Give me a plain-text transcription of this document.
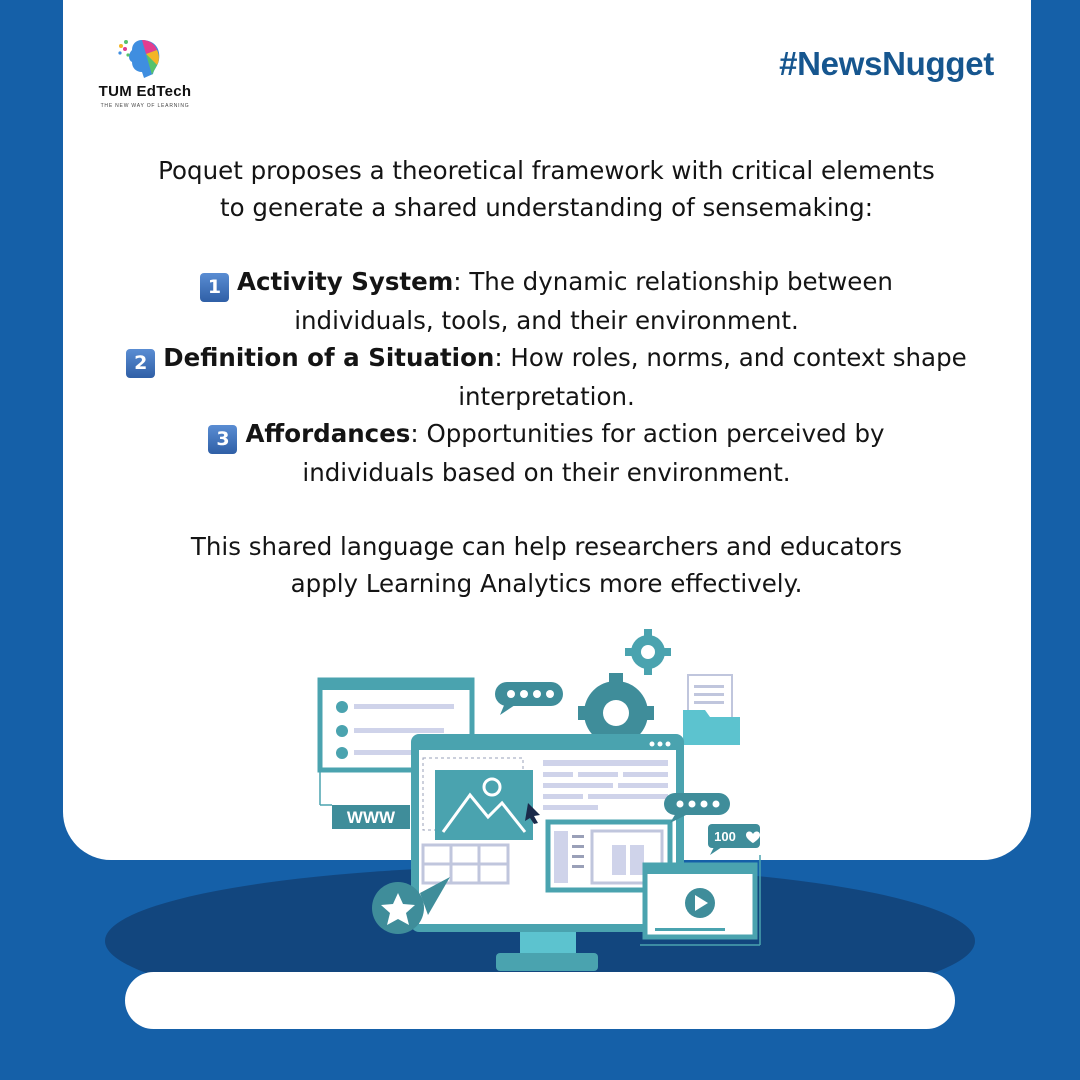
TUM EdTech
THE NEW WAY OF LEARNING
#NewsNugget

Poquet proposes a theoretical framework with critical elements

to generate a shared understanding of sensemaking:

1 Activity System: The dynamic relationship between

individuals, tools, and their environment.

2 Definition of a Situation: How roles, norms, and context shape

interpretation.

3 Affordances: Opportunities for action perceived by

individuals based on their environment.

This shared language can help researchers and educators

apply Learning Analytics more effectively.

WWW
100
